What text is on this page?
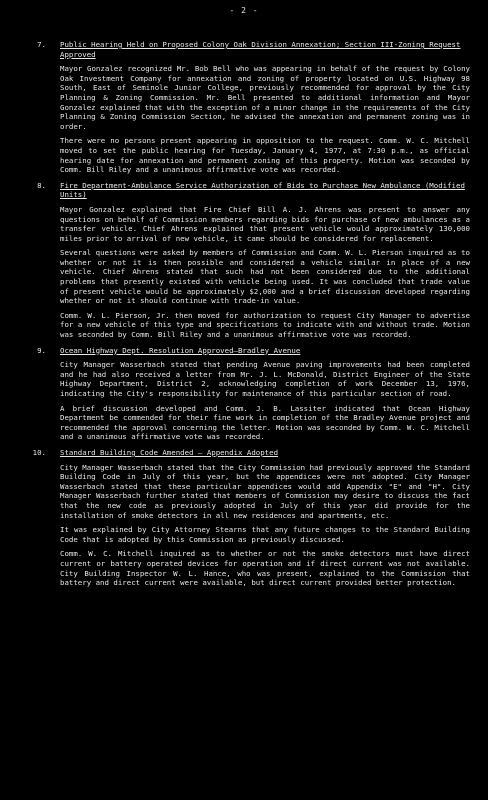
- 2 -
7. Public Hearing Held on Proposed Colony Oak Division Annexation; Section III-Zoning Request Approved

Mayor Gonzalez recognized Mr. Bob Bell who was appearing in behalf of the request by Colony Oak Investment Company for annexation and zoning of property located on U.S. Highway 98 South, East of Seminole Junior College, previously recommended for approval by the City Planning & Zoning Commission. Mr. Bell presented to additional information and Mayor Gonzalez explained that with the exception of a minor change in the requirements of the City Planning & Zoning Commission Section, he advised the annexation and permanent zoning was in order.

There were no persons present appearing in opposition to the request. Comm. W. C. Mitchell moved to set the public hearing for Tuesday, January 4, 1977, at 7:30 p.m., as official hearing date for annexation and permanent zoning of this property. Motion was seconded by Comm. Bill Riley and a unanimous affirmative vote was recorded.

8. Fire Department-Ambulance Service Authorization of Bids to Purchase New Ambulance (Modified Units)

Mayor Gonzalez explained that Fire Chief Bill A. J. Ahrens was present to answer any questions on behalf of Commission members regarding bids for purchase of new ambulances as a transfer vehicle. Chief Ahrens explained that present vehicle would approximately 130,000 miles prior to arrival of new vehicle, it came should be considered for replacement.

Several questions were asked by members of Commission and Comm. W. L. Pierson inquired as to whether or not it is then possible and considered a vehicle similar in place of a new vehicle. Chief Ahrens stated that such had not been considered due to the additional problems that presently existed with vehicle being used. It was concluded that trade value of present vehicle would be approximately $2,000 and a brief discussion developed regarding whether or not it should continue with trade-in value.

Comm. W. L. Pierson, Jr. then moved for authorization to request City Manager to advertise for a new vehicle of this type and specifications to indicate with and without trade. Motion was seconded by Comm. Bill Riley and a unanimous affirmative vote was recorded.

9. Ocean Highway Dept. Resolution Approved—Bradley Avenue

City Manager Wasserbach stated that pending Avenue paving improvements had been completed and he had also received a letter from Mr. J. L. McDonald, District Engineer of the State Highway Department, District 2, acknowledging completion of work December 13, 1976, indicating the City's responsibility for maintenance of this particular section of road.

A brief discussion developed and Comm. J. B. Lassiter indicated that Ocean Highway Department be commended for their fine work in completion of the Bradley Avenue project and recommended the approval concerning the letter. Motion was seconded by Comm. W. C. Mitchell and a unanimous affirmative vote was recorded.

10. Standard Building Code Amended — Appendix Adopted

City Manager Wasserbach stated that the City Commission had previously approved the Standard Building Code in July of this year, but the appendices were not adopted. City Manager Wasserbach stated that these particular appendices would add Appendix "E" and "H". City Manager Wasserbach further stated that members of Commission may desire to discuss the fact that the new code as previously adopted in July of this year did provide for the installation of smoke detectors in all new residences and apartments, etc.

It was explained by City Attorney Stearns that any future changes to the Standard Building Code that is adopted by this Commission as previously discussed.

Comm. W. C. Mitchell inquired as to whether or not the smoke detectors must have direct current or battery operated devices for operation and if direct current was not available. City Building Inspector W. L. Hance, who was present, explained to the Commission that battery and direct current were available, but direct current provided better protection.
